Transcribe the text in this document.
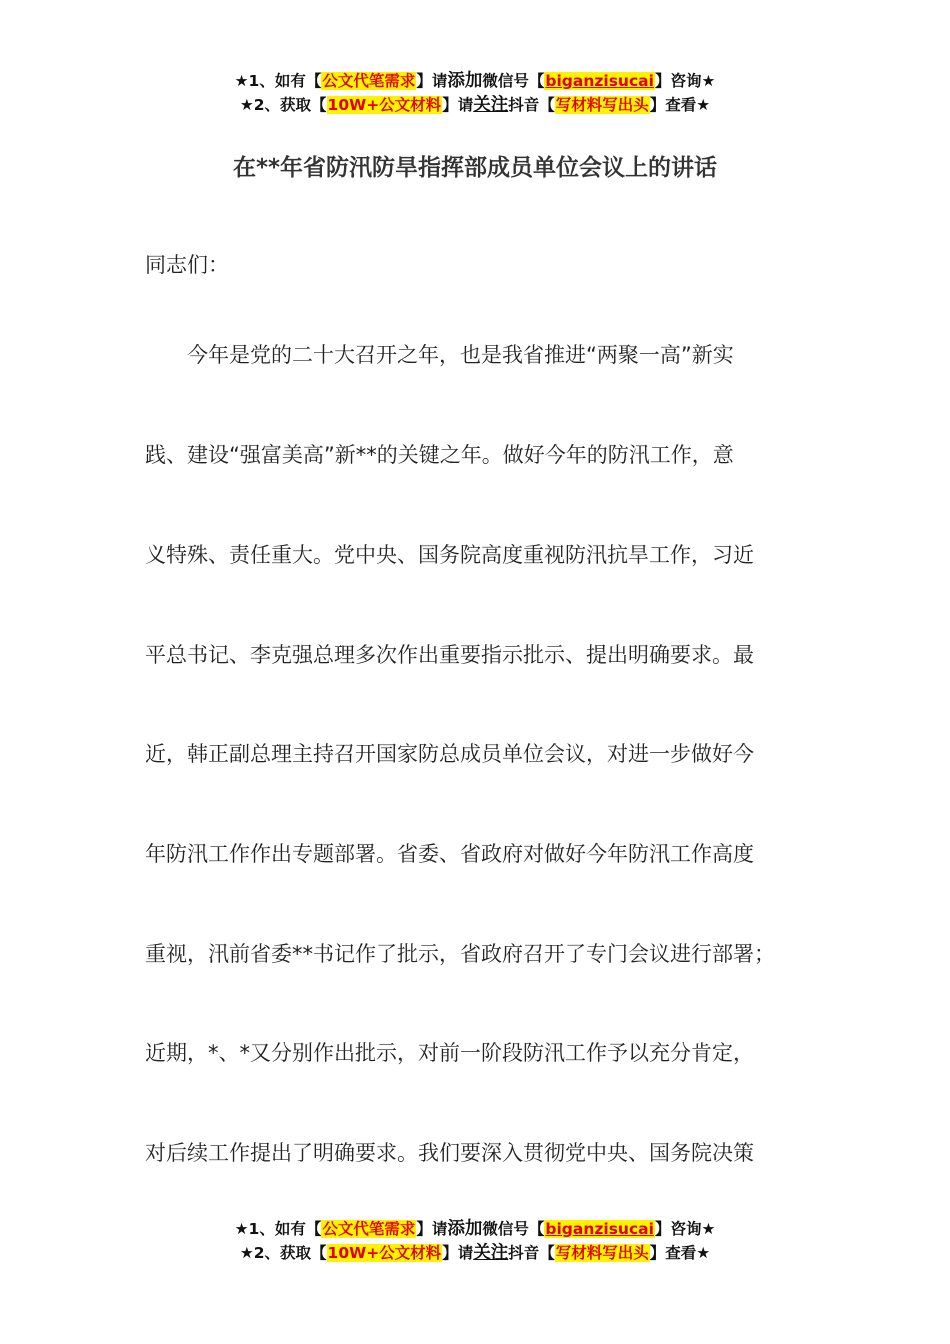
★1、如有【公文代笔需求】请添加微信号【biganzisucai】咨询★
★2、获取【10W+公文材料】请关注抖音【写材料写出头】查看★
在**年省防汛防旱指挥部成员单位会议上的讲话
同志们：
　　今年是党的二十大召开之年，也是我省推进“两聚一高”新实
践、建设“强富美高”新**的关键之年。做好今年的防汛工作，意
义特殊、责任重大。党中央、国务院高度重视防汛抗旱工作，习近
平总书记、李克强总理多次作出重要指示批示、提出明确要求。最
近，韩正副总理主持召开国家防总成员单位会议，对进一步做好今
年防汛工作作出专题部署。省委、省政府对做好今年防汛工作高度
重视，汛前省委**书记作了批示，省政府召开了专门会议进行部署；
近期，*、*又分别作出批示，对前一阶段防汛工作予以充分肯定，
对后续工作提出了明确要求。我们要深入贯彻党中央、国务院决策
★1、如有【公文代笔需求】请添加微信号【biganzisucai】咨询★
★2、获取【10W+公文材料】请关注抖音【写材料写出头】查看★
